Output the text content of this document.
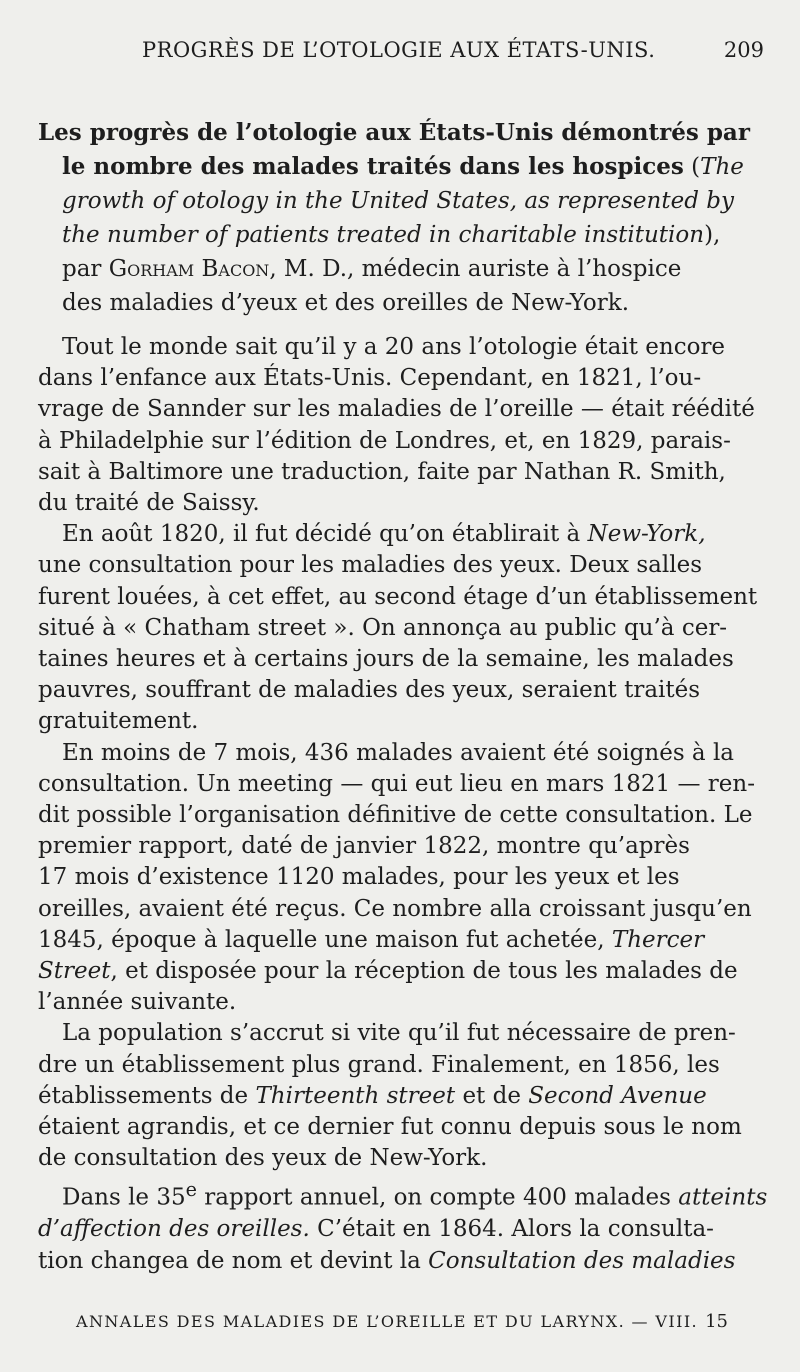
PROGRÈS DE L’OTOLOGIE AUX ÉTATS-UNIS.	209
Les progrès de l’otologie aux États-Unis démontrés par
le nombre des malades traités dans les hospices (The
growth of otology in the United States, as represented by
the number of patients treated in charitable institution),
par Gorham Bacon, M. D., médecin auriste à l’hospice
des maladies d’yeux et des oreilles de New-York.
Tout le monde sait qu’il y a 20 ans l’otologie était encore
dans l’enfance aux États-Unis. Cependant, en 1821, l’ou-
vrage de Sannder sur les maladies de l’oreille — était réédité
à Philadelphie sur l’édition de Londres, et, en 1829, parais-
sait à Baltimore une traduction, faite par Nathan R. Smith,
du traité de Saissy.
En août 1820, il fut décidé qu’on établirait à New-York,
une consultation pour les maladies des yeux. Deux salles
furent louées, à cet effet, au second étage d’un établissement
situé à « Chatham street ». On annonça au public qu’à cer-
taines heures et à certains jours de la semaine, les malades
pauvres, souffrant de maladies des yeux, seraient traités
gratuitement.
En moins de 7 mois, 436 malades avaient été soignés à la
consultation. Un meeting — qui eut lieu en mars 1821 — ren-
dit possible l’organisation définitive de cette consultation. Le
premier rapport, daté de janvier 1822, montre qu’après
17 mois d’existence 1120 malades, pour les yeux et les
oreilles, avaient été reçus. Ce nombre alla croissant jusqu’en
1845, époque à laquelle une maison fut achetée, Thercer
Street, et disposée pour la réception de tous les malades de
l’année suivante.
La population s’accrut si vite qu’il fut nécessaire de pren-
dre un établissement plus grand. Finalement, en 1856, les
établissements de Thirteenth street et de Second Avenue
étaient agrandis, et ce dernier fut connu depuis sous le nom
de consultation des yeux de New-York.
Dans le 35e rapport annuel, on compte 400 malades atteints
d’affection des oreilles. C’était en 1864. Alors la consulta-
tion changea de nom et devint la Consultation des maladies
ANNALES DES MALADIES DE L’OREILLE ET DU LARYNX. — VIII. 15
